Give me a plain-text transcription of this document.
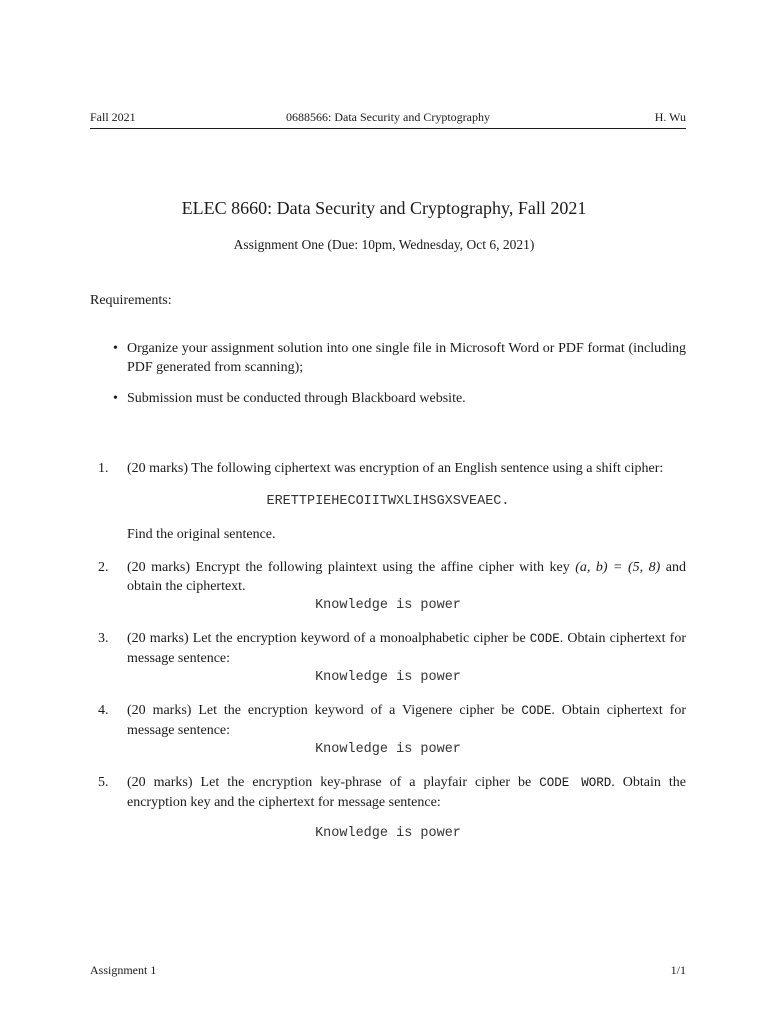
Fall 2021	0688566: Data Security and Cryptography	H. Wu
ELEC 8660: Data Security and Cryptography, Fall 2021
Assignment One (Due: 10pm, Wednesday, Oct 6, 2021)
Requirements:
• Organize your assignment solution into one single file in Microsoft Word or PDF format (including PDF generated from scanning);
• Submission must be conducted through Blackboard website.
1. (20 marks) The following ciphertext was encryption of an English sentence using a shift cipher:
ERETTPIEHECOIITWXLIHSGXSVEAEC.
Find the original sentence.
2. (20 marks) Encrypt the following plaintext using the affine cipher with key (a, b) = (5, 8) and obtain the ciphertext.
Knowledge is power
3. (20 marks) Let the encryption keyword of a monoalphabetic cipher be CODE. Obtain ciphertext for message sentence:
Knowledge is power
4. (20 marks) Let the encryption keyword of a Vigenere cipher be CODE. Obtain ciphertext for message sentence:
Knowledge is power
5. (20 marks) Let the encryption key-phrase of a playfair cipher be CODE WORD. Obtain the encryption key and the ciphertext for message sentence:
Knowledge is power
Assignment 1	1/1
